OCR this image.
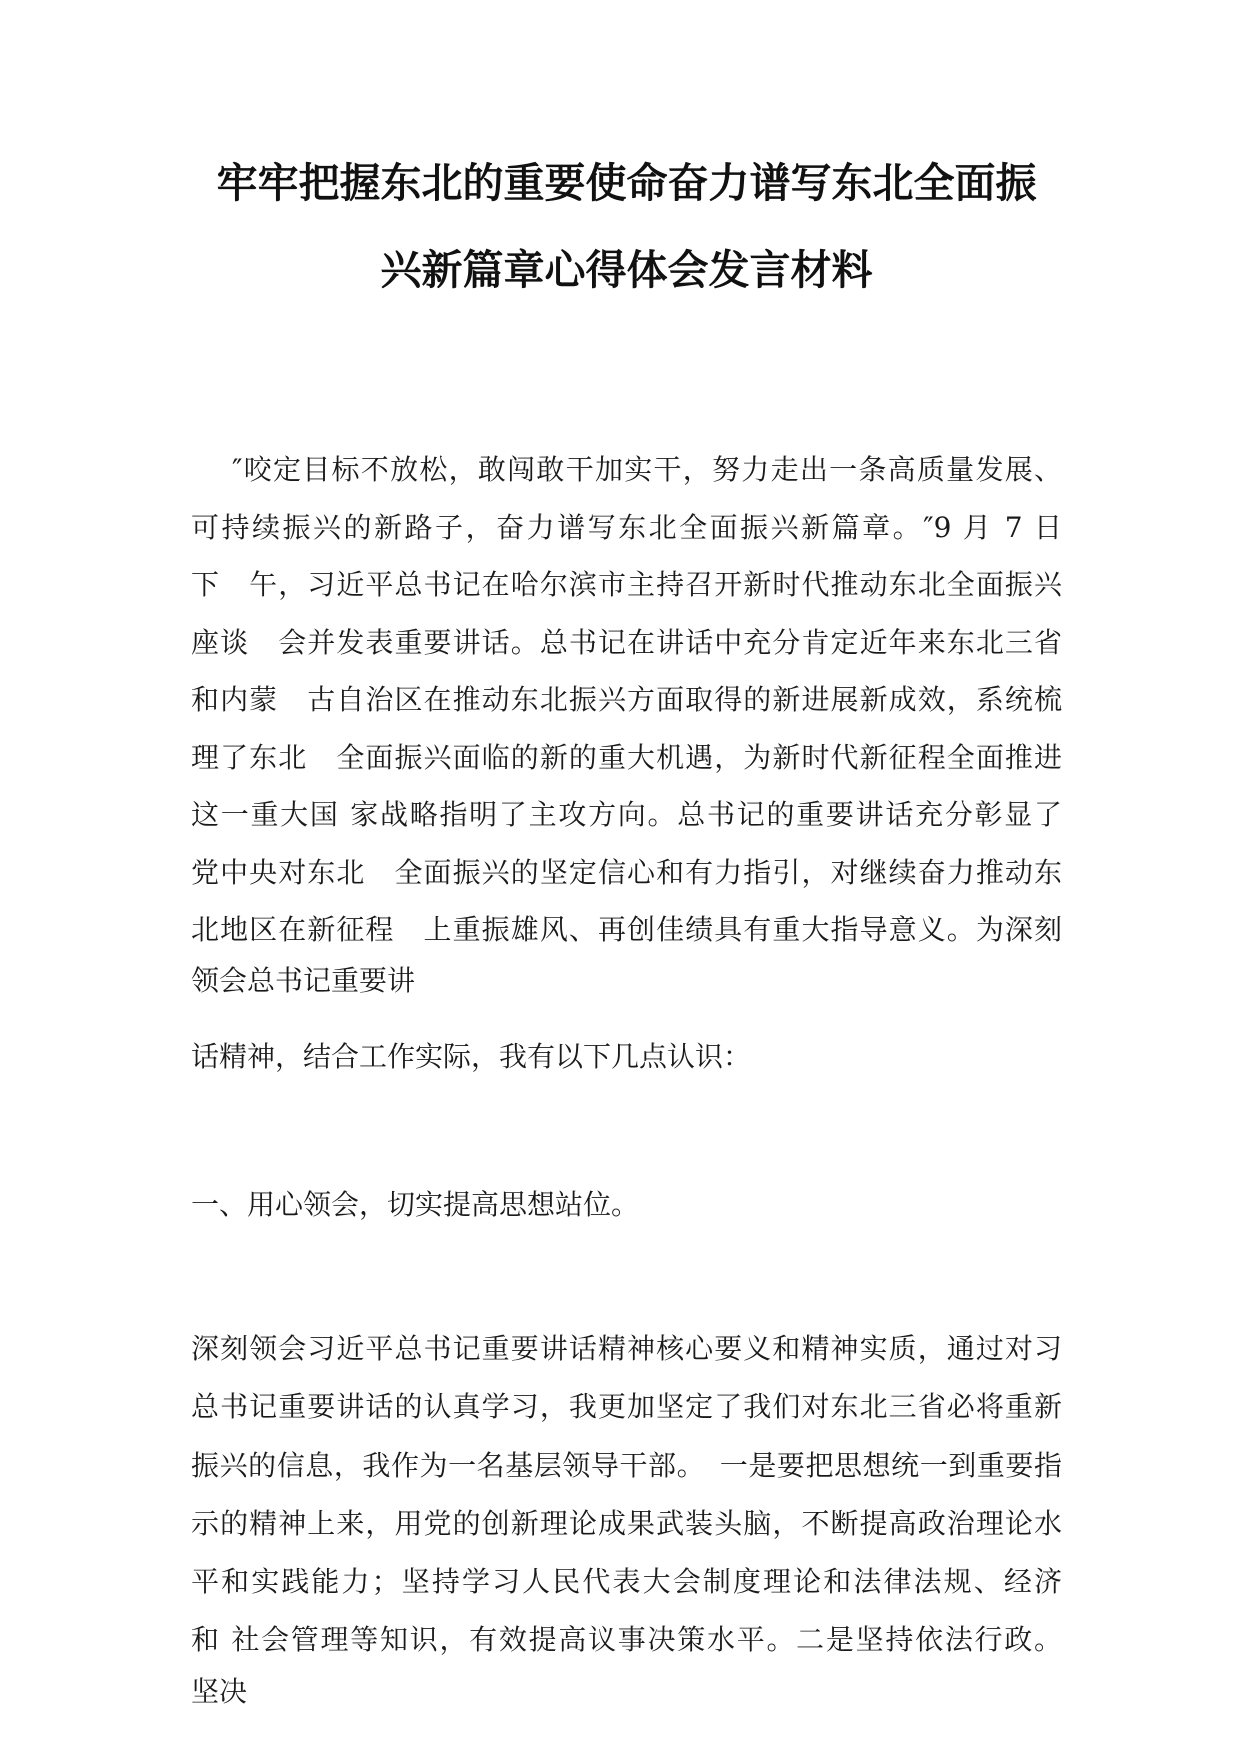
牢牢把握东北的重要使命奋力谱写东北全面振
兴新篇章心得体会发言材料
″咬定目标不放松，敢闯敢干加实干，努力走出一条高质量发展、
可持续振兴的新路子，奋力谱写东北全面振兴新篇章。″9 月 7 日
下　午，习近平总书记在哈尔滨市主持召开新时代推动东北全面振兴
座谈　会并发表重要讲话。总书记在讲话中充分肯定近年来东北三省
和内蒙　古自治区在推动东北振兴方面取得的新进展新成效，系统梳
理了东北　全面振兴面临的新的重大机遇，为新时代新征程全面推进
这一重大国 家战略指明了主攻方向。总书记的重要讲话充分彰显了
党中央对东北　全面振兴的坚定信心和有力指引，对继续奋力推动东
北地区在新征程　上重振雄风、再创佳绩具有重大指导意义。为深刻
领会总书记重要讲
话精神，结合工作实际，我有以下几点认识：
一、用心领会，切实提高思想站位。
深刻领会习近平总书记重要讲话精神核心要义和精神实质，通过对习
总书记重要讲话的认真学习，我更加坚定了我们对东北三省必将重新
振兴的信息，我作为一名基层领导干部。　一是要把思想统一到重要指
示的精神上来，用党的创新理论成果武装头脑，不断提高政治理论水
平和实践能力；坚持学习人民代表大会制度理论和法律法规、经济
和 社会管理等知识，有效提高议事决策水平。二是坚持依法行政。
坚决
